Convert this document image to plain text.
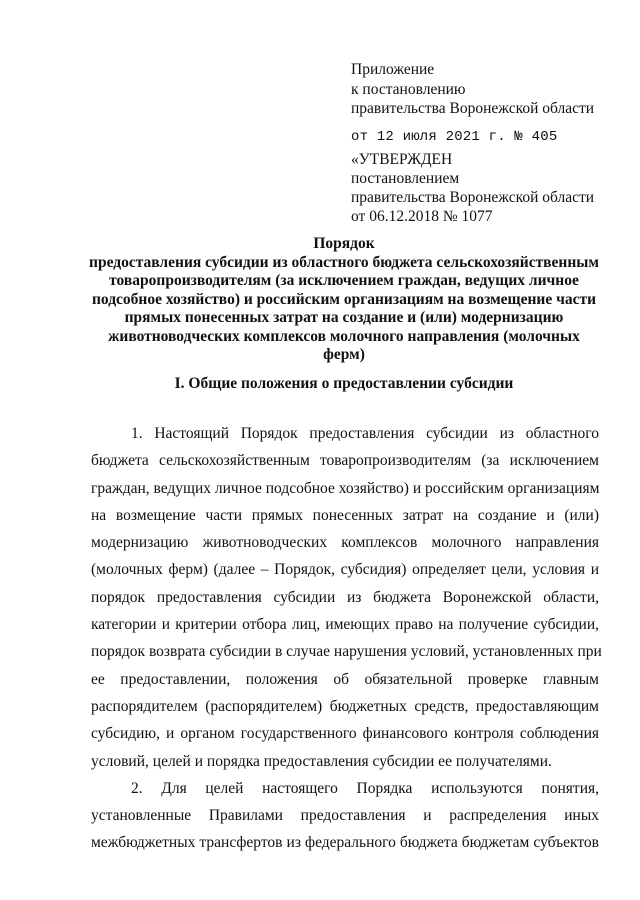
Приложение
к постановлению
правительства Воронежской области
от 12 июля 2021 г. № 405
«УТВЕРЖДЕН
постановлением
правительства Воронежской области
от 06.12.2018 № 1077
Порядок
предоставления субсидии из областного бюджета сельскохозяйственным
товаропроизводителям (за исключением граждан, ведущих личное
подсобное хозяйство) и российским организациям на возмещение части
прямых понесенных затрат на создание и (или) модернизацию
животноводческих комплексов молочного направления (молочных
ферм)
I. Общие положения о предоставлении субсидии
1. Настоящий Порядок предоставления субсидии из областного
бюджета сельскохозяйственным товаропроизводителям (за исключением
граждан, ведущих личное подсобное хозяйство) и российским организациям
на возмещение части прямых понесенных затрат на создание и (или)
модернизацию животноводческих комплексов молочного направления
(молочных ферм) (далее – Порядок, субсидия) определяет цели, условия и
порядок предоставления субсидии из бюджета Воронежской области,
категории и критерии отбора лиц, имеющих право на получение субсидии,
порядок возврата субсидии в случае нарушения условий, установленных при
ее предоставлении, положения об обязательной проверке главным
распорядителем (распорядителем) бюджетных средств, предоставляющим
субсидию, и органом государственного финансового контроля соблюдения
условий, целей и порядка предоставления субсидии ее получателями.
2. Для целей настоящего Порядка используются понятия,
установленные Правилами предоставления и распределения иных
межбюджетных трансфертов из федерального бюджета бюджетам субъектов
